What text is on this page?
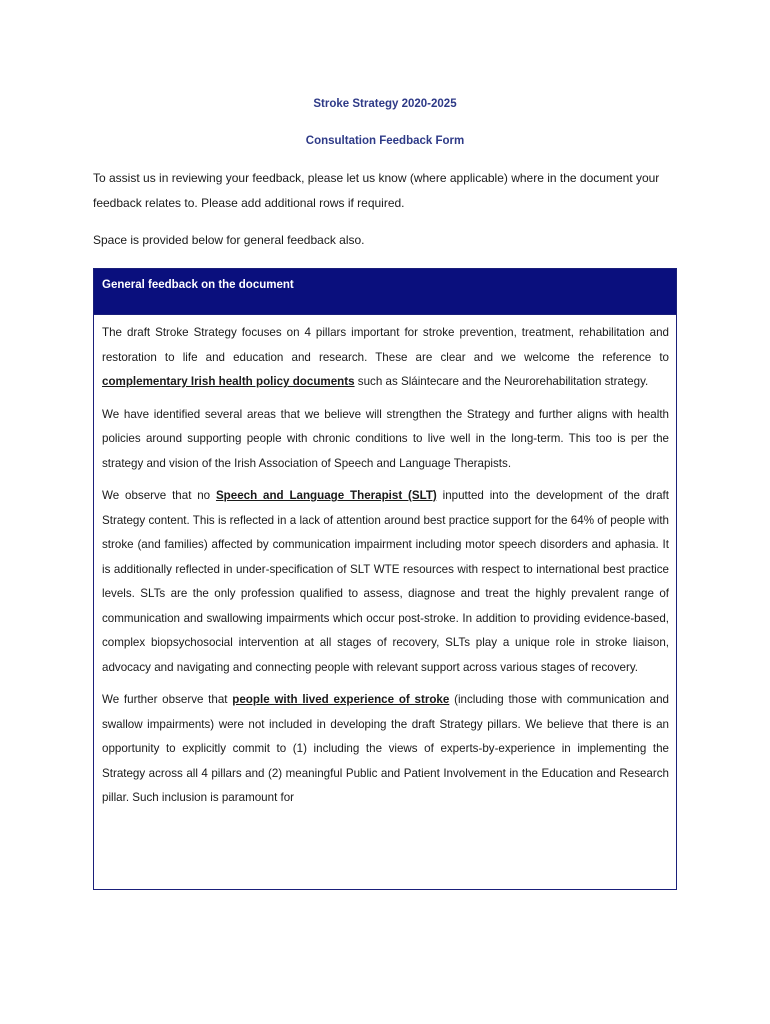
Stroke Strategy 2020-2025
Consultation Feedback Form
To assist us in reviewing your feedback, please let us know (where applicable) where in the document your feedback relates to. Please add additional rows if required.
Space is provided below for general feedback also.
General feedback on the document

The draft Stroke Strategy focuses on 4 pillars important for stroke prevention, treatment, rehabilitation and restoration to life and education and research. These are clear and we welcome the reference to complementary Irish health policy documents such as Sláintecare and the Neurorehabilitation strategy.

We have identified several areas that we believe will strengthen the Strategy and further aligns with health policies around supporting people with chronic conditions to live well in the long-term. This too is per the strategy and vision of the Irish Association of Speech and Language Therapists.

We observe that no Speech and Language Therapist (SLT) inputted into the development of the draft Strategy content. This is reflected in a lack of attention around best practice support for the 64% of people with stroke (and families) affected by communication impairment including motor speech disorders and aphasia. It is additionally reflected in under-specification of SLT WTE resources with respect to international best practice levels. SLTs are the only profession qualified to assess, diagnose and treat the highly prevalent range of communication and swallowing impairments which occur post-stroke. In addition to providing evidence-based, complex biopsychosocial intervention at all stages of recovery, SLTs play a unique role in stroke liaison, advocacy and navigating and connecting people with relevant support across various stages of recovery.

We further observe that people with lived experience of stroke (including those with communication and swallow impairments) were not included in developing the draft Strategy pillars. We believe that there is an opportunity to explicitly commit to (1) including the views of experts-by-experience in implementing the Strategy across all 4 pillars and (2) meaningful Public and Patient Involvement in the Education and Research pillar. Such inclusion is paramount for
